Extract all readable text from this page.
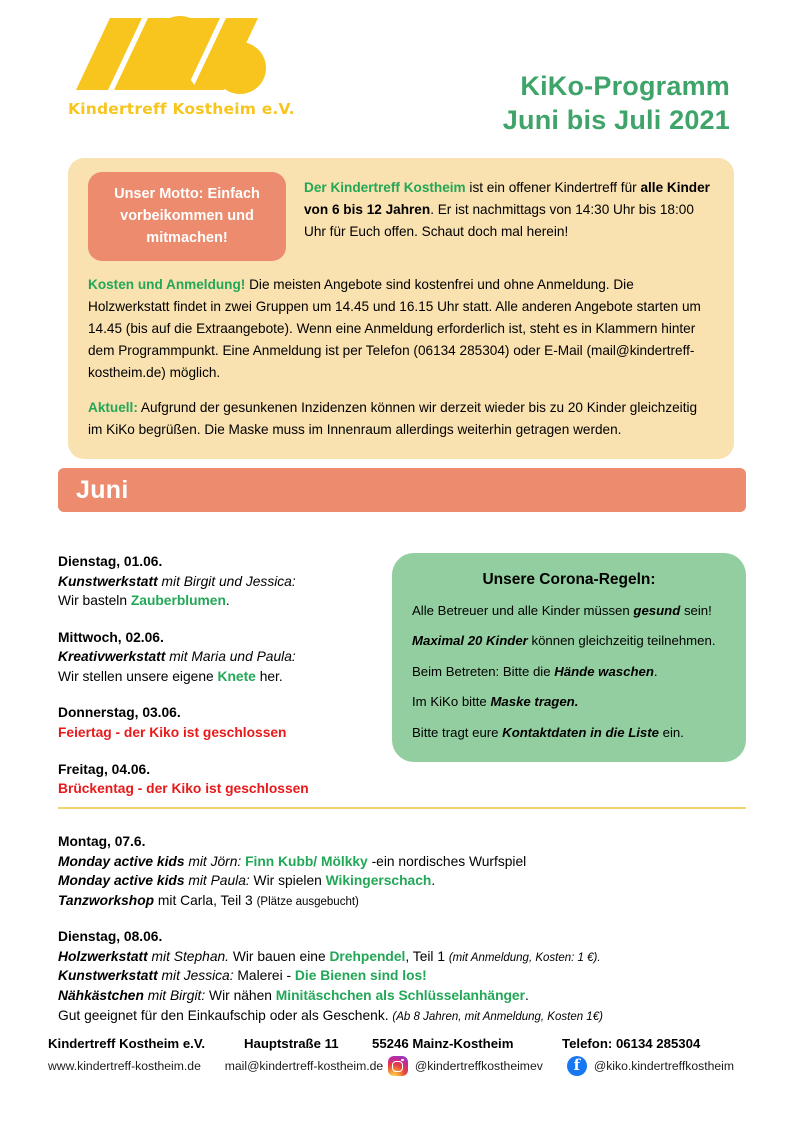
Kindertreff Kostheim e.V.
KiKo-Programm
Juni bis Juli 2021
Unser Motto: Einfach vorbeikommen und mitmachen!
Der Kindertreff Kostheim ist ein offener Kindertreff für alle Kinder von 6 bis 12 Jahren. Er ist nachmittags von 14:30 Uhr bis 18:00 Uhr für Euch offen. Schaut doch mal herein!
Kosten und Anmeldung! Die meisten Angebote sind kostenfrei und ohne Anmeldung. Die Holzwerkstatt findet in zwei Gruppen um 14.45 und 16.15 Uhr statt. Alle anderen Angebote starten um 14.45 (bis auf die Extraangebote). Wenn eine Anmeldung erforderlich ist, steht es in Klammern hinter dem Programmpunkt. Eine Anmeldung ist per Telefon (06134 285304) oder E-Mail (mail@kindertreff-kostheim.de) möglich.
Aktuell: Aufgrund der gesunkenen Inzidenzen können wir derzeit wieder bis zu 20 Kinder gleichzeitig im KiKo begrüßen. Die Maske muss im Innenraum allerdings weiterhin getragen werden.
Juni
Dienstag, 01.06.
Kunstwerkstatt mit Birgit und Jessica:
Wir basteln Zauberblumen.
Mittwoch, 02.06.
Kreativwerkstatt mit Maria und Paula:
Wir stellen unsere eigene Knete her.
Donnerstag, 03.06.
Feiertag - der Kiko ist geschlossen
Freitag, 04.06.
Brückentag - der Kiko ist geschlossen
Unsere Corona-Regeln:
Alle Betreuer und alle Kinder müssen gesund sein!
Maximal 20 Kinder können gleichzeitig teilnehmen.
Beim Betreten: Bitte die Hände waschen.
Im KiKo bitte Maske tragen.
Bitte tragt eure Kontaktdaten in die Liste ein.
Montag, 07.6.
Monday active kids mit Jörn: Finn Kubb/ Mölkky -ein nordisches Wurfspiel
Monday active kids mit Paula: Wir spielen Wikingerschach.
Tanzworkshop mit Carla, Teil 3 (Plätze ausgebucht)
Dienstag, 08.06.
Holzwerkstatt mit Stephan. Wir bauen eine Drehpendel, Teil 1 (mit Anmeldung, Kosten: 1 €).
Kunstwerkstatt mit Jessica: Malerei - Die Bienen sind los!
Nähkästchen mit Birgit: Wir nähen Minitäschchen als Schlüsselanhänger.
Gut geeignet für den Einkaufschip oder als Geschenk. (Ab 8 Jahren, mit Anmeldung, Kosten 1€)
Kindertreff Kostheim e.V.	Hauptstraße 11	55246 Mainz-Kostheim	Telefon: 06134 285304
www.kindertreff-kostheim.de	mail@kindertreff-kostheim.de	@kindertreffkostheimev	f	@kiko.kindertreffkostheim
